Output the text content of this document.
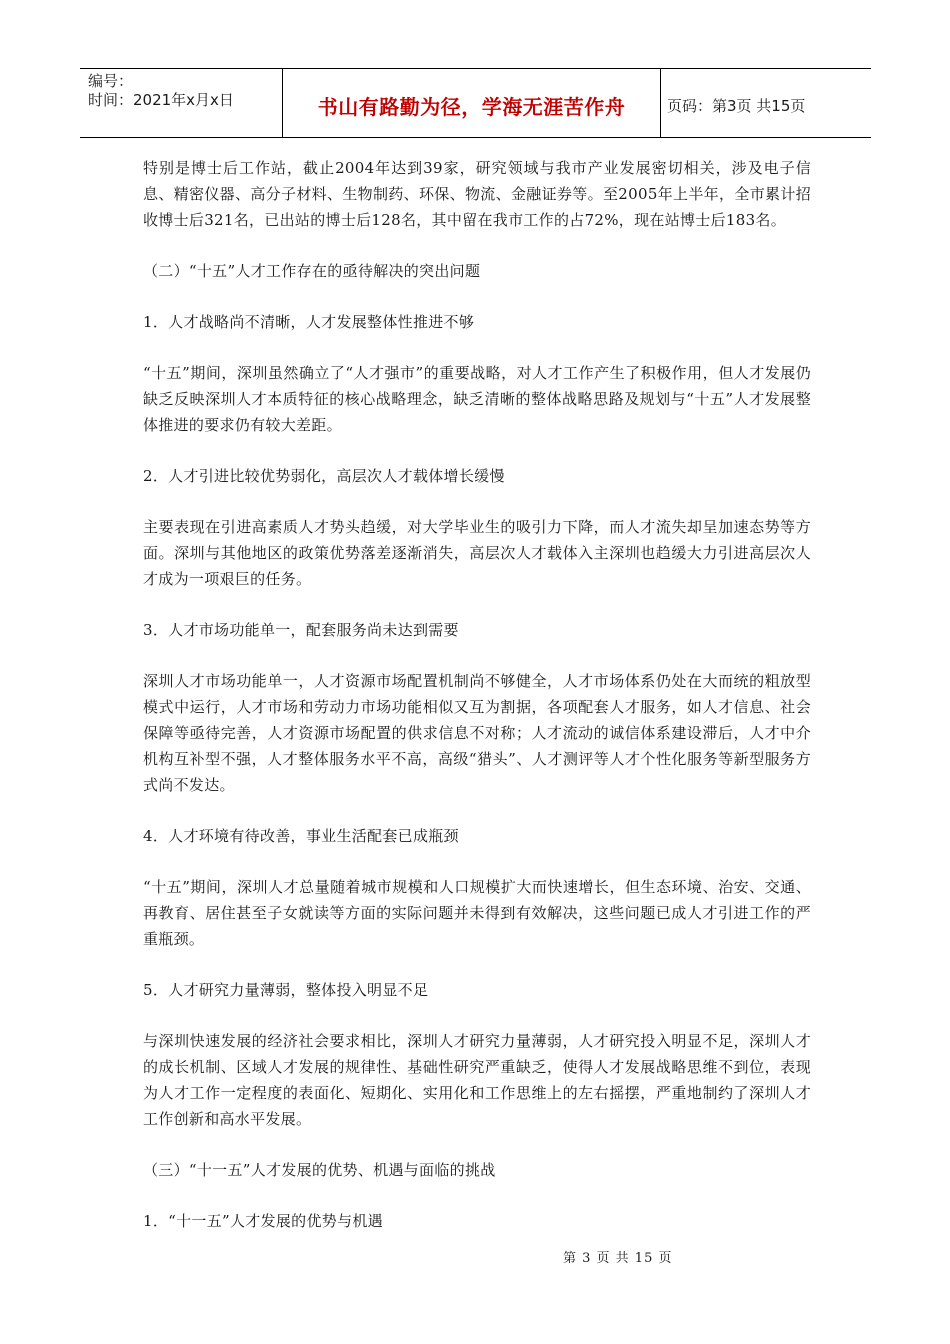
编号：
时间：2021年x月x日	书山有路勤为径，学海无涯苦作舟	页码：第3页 共15页

特别是博士后工作站，截止2004年达到39家，研究领域与我市产业发展密切相关，涉及电子信息、精密仪器、高分子材料、生物制药、环保、物流、金融证券等。至2005年上半年，全市累计招收博士后321名，已出站的博士后128名，其中留在我市工作的占72%，现在站博士后183名。

（二）“十五”人才工作存在的亟待解决的突出问题

1．人才战略尚不清晰，人才发展整体性推进不够

“十五”期间，深圳虽然确立了“人才强市”的重要战略，对人才工作产生了积极作用，但人才发展仍缺乏反映深圳人才本质特征的核心战略理念，缺乏清晰的整体战略思路及规划与“十五”人才发展整体推进的要求仍有较大差距。

2．人才引进比较优势弱化，高层次人才载体增长缓慢

主要表现在引进高素质人才势头趋缓，对大学毕业生的吸引力下降，而人才流失却呈加速态势等方面。深圳与其他地区的政策优势落差逐渐消失，高层次人才载体入主深圳也趋缓大力引进高层次人才成为一项艰巨的任务。

3．人才市场功能单一，配套服务尚未达到需要

深圳人才市场功能单一，人才资源市场配置机制尚不够健全，人才市场体系仍处在大而统的粗放型模式中运行，人才市场和劳动力市场功能相似又互为割据，各项配套人才服务，如人才信息、社会保障等亟待完善，人才资源市场配置的供求信息不对称；人才流动的诚信体系建设滞后，人才中介机构互补型不强，人才整体服务水平不高，高级“猎头”、人才测评等人才个性化服务等新型服务方式尚不发达。

4．人才环境有待改善，事业生活配套已成瓶颈

“十五”期间，深圳人才总量随着城市规模和人口规模扩大而快速增长，但生态环境、治安、交通、再教育、居住甚至子女就读等方面的实际问题并未得到有效解决，这些问题已成人才引进工作的严重瓶颈。

5．人才研究力量薄弱，整体投入明显不足

与深圳快速发展的经济社会要求相比，深圳人才研究力量薄弱，人才研究投入明显不足，深圳人才的成长机制、区域人才发展的规律性、基础性研究严重缺乏，使得人才发展战略思维不到位，表现为人才工作一定程度的表面化、短期化、实用化和工作思维上的左右摇摆，严重地制约了深圳人才工作创新和高水平发展。

（三）“十一五”人才发展的优势、机遇与面临的挑战

1．“十一五”人才发展的优势与机遇

第 3 页 共 15 页
